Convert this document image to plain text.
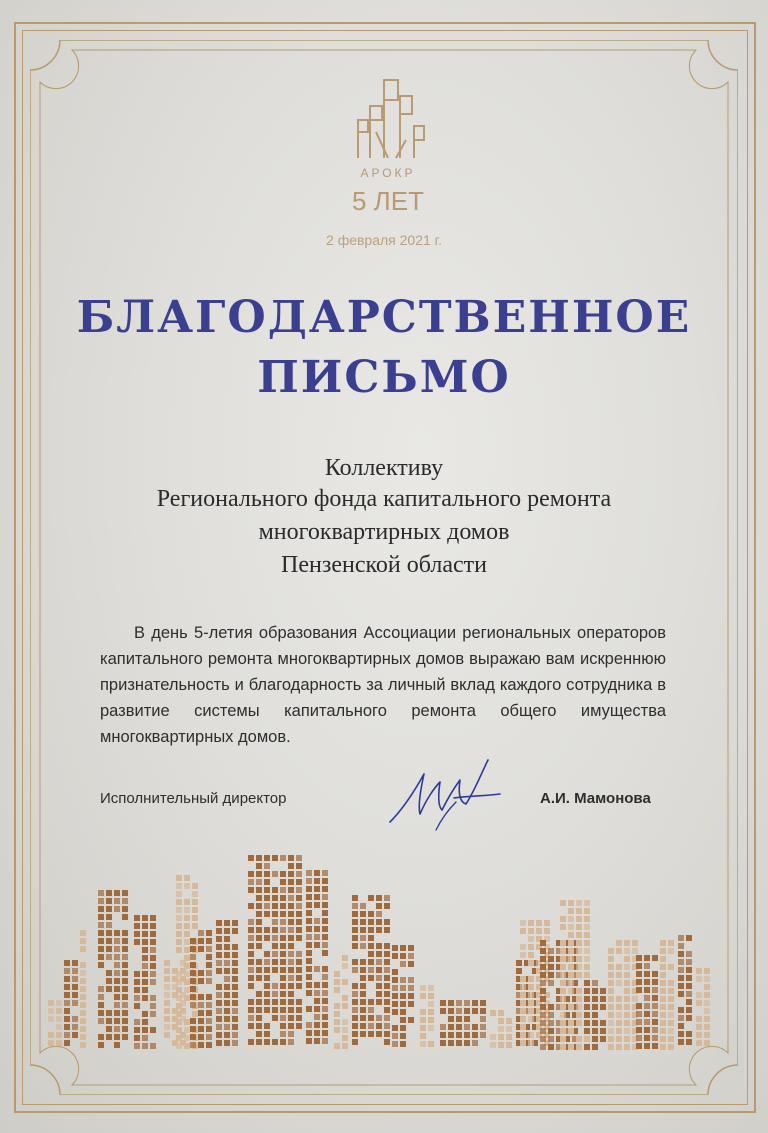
АРОКР
5 ЛЕТ
2 февраля 2021 г.
БЛАГОДАРСТВЕННОЕ
ПИСЬМО
Коллективу
Регионального фонда капитального ремонта
многоквартирных домов
Пензенской области
В день 5-летия образования Ассоциации региональных операторов капитального ремонта многоквартирных домов выражаю вам искреннюю признательность и благодарность за личный вклад каждого сотрудника в развитие системы капитального ремонта общего имущества многоквартирных домов.
Исполнительный директор	А.И. Мамонова
